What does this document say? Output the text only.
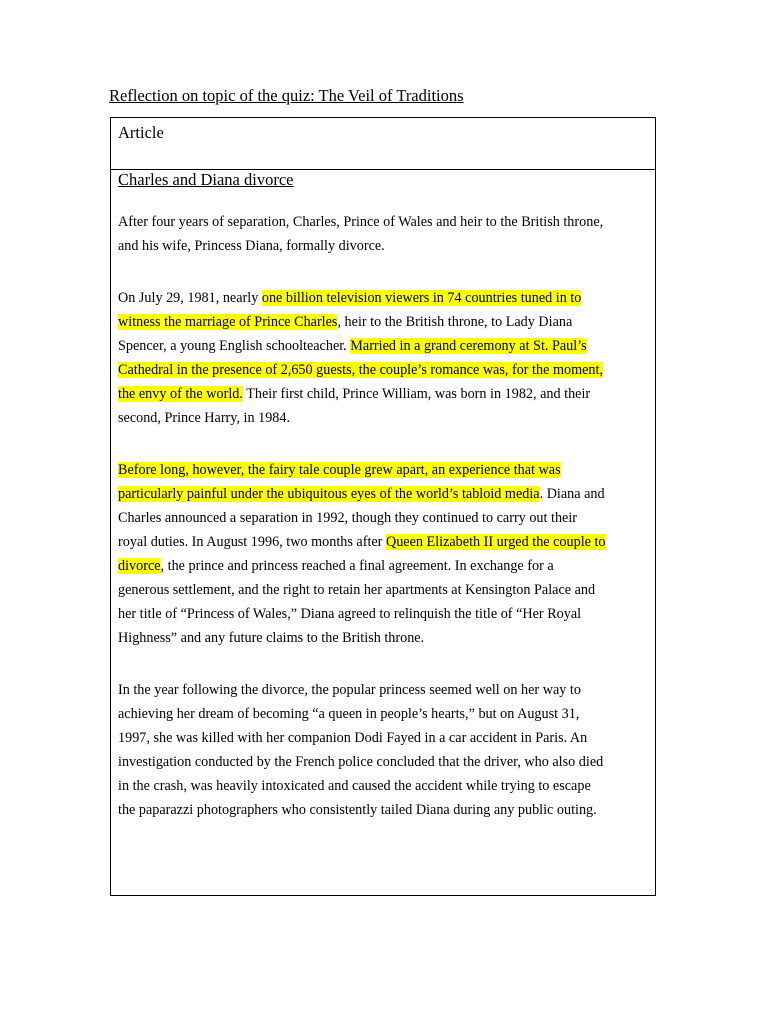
Reflection on topic of the quiz: The Veil of Traditions
Article
Charles and Diana divorce

After four years of separation, Charles, Prince of Wales and heir to the British throne,
and his wife, Princess Diana, formally divorce.

On July 29, 1981, nearly one billion television viewers in 74 countries tuned in to
witness the marriage of Prince Charles, heir to the British throne, to Lady Diana
Spencer, a young English schoolteacher. Married in a grand ceremony at St. Paul’s
Cathedral in the presence of 2,650 guests, the couple’s romance was, for the moment,
the envy of the world. Their first child, Prince William, was born in 1982, and their
second, Prince Harry, in 1984.

Before long, however, the fairy tale couple grew apart, an experience that was
particularly painful under the ubiquitous eyes of the world’s tabloid media. Diana and
Charles announced a separation in 1992, though they continued to carry out their
royal duties. In August 1996, two months after Queen Elizabeth II urged the couple to
divorce, the prince and princess reached a final agreement. In exchange for a
generous settlement, and the right to retain her apartments at Kensington Palace and
her title of “Princess of Wales,” Diana agreed to relinquish the title of “Her Royal
Highness” and any future claims to the British throne.

In the year following the divorce, the popular princess seemed well on her way to
achieving her dream of becoming “a queen in people’s hearts,” but on August 31,
1997, she was killed with her companion Dodi Fayed in a car accident in Paris. An
investigation conducted by the French police concluded that the driver, who also died
in the crash, was heavily intoxicated and caused the accident while trying to escape
the paparazzi photographers who consistently tailed Diana during any public outing.
